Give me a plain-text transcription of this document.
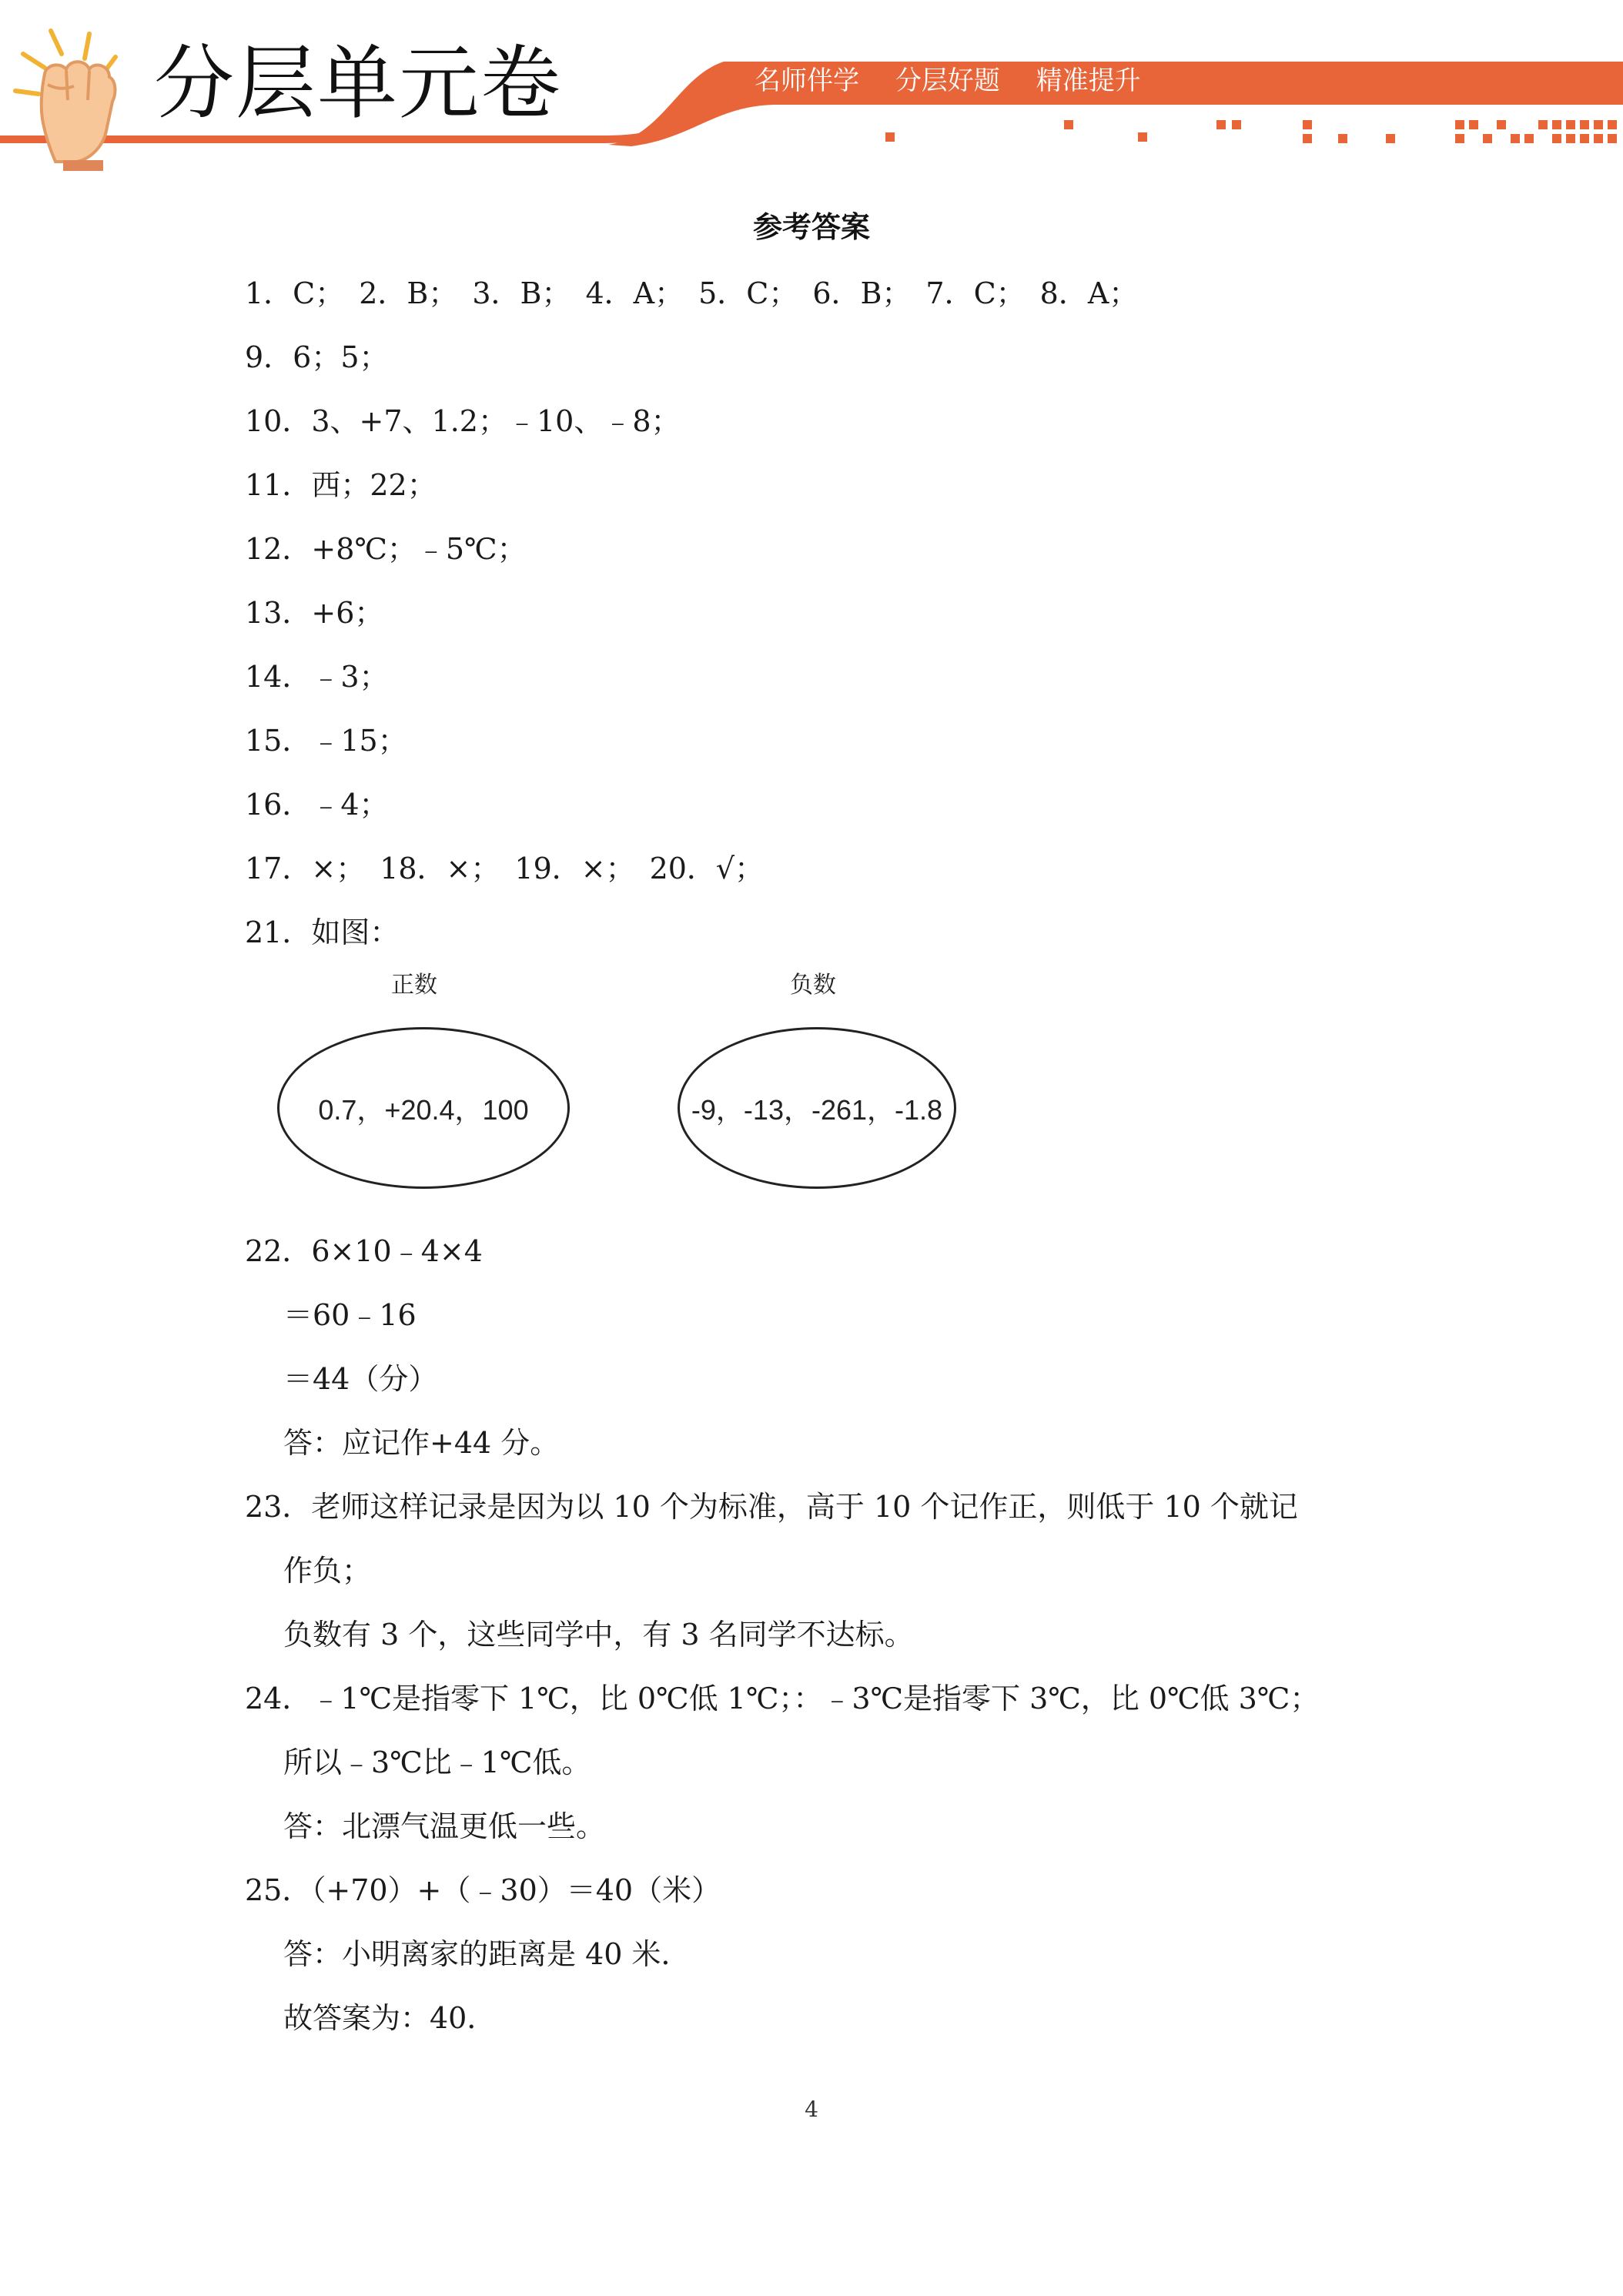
分层单元卷	名师伴学 分层好题 精准提升
参考答案
1．C；　2．B；　3．B；　4．A；　5．C；　6．B；　7．C；　8．A；
9．6；5；
10．3、+7、1.2；﹣10、﹣8；
11．西；22；
12．+8℃；﹣5℃；
13．+6；
14．﹣3；
15．﹣15；
16．﹣4；
17．×；　18．×；　19．×；　20．√；
21．如图：
正数
0.7，+20.4，100
负数
-9，-13，-261，-1.8
22．6×10﹣4×4
＝60﹣16
＝44（分）
答：应记作+44 分。
23．老师这样记录是因为以 10 个为标准，高于 10 个记作正，则低于 10 个就记
作负；
负数有 3 个，这些同学中，有 3 名同学不达标。
24．﹣1℃是指零下 1℃，比 0℃低 1℃；：﹣3℃是指零下 3℃，比 0℃低 3℃；
所以﹣3℃比﹣1℃低。
答：北漂气温更低一些。
25．（+70）+（﹣30）＝40（米）
答：小明离家的距离是 40 米．
故答案为：40．
4
